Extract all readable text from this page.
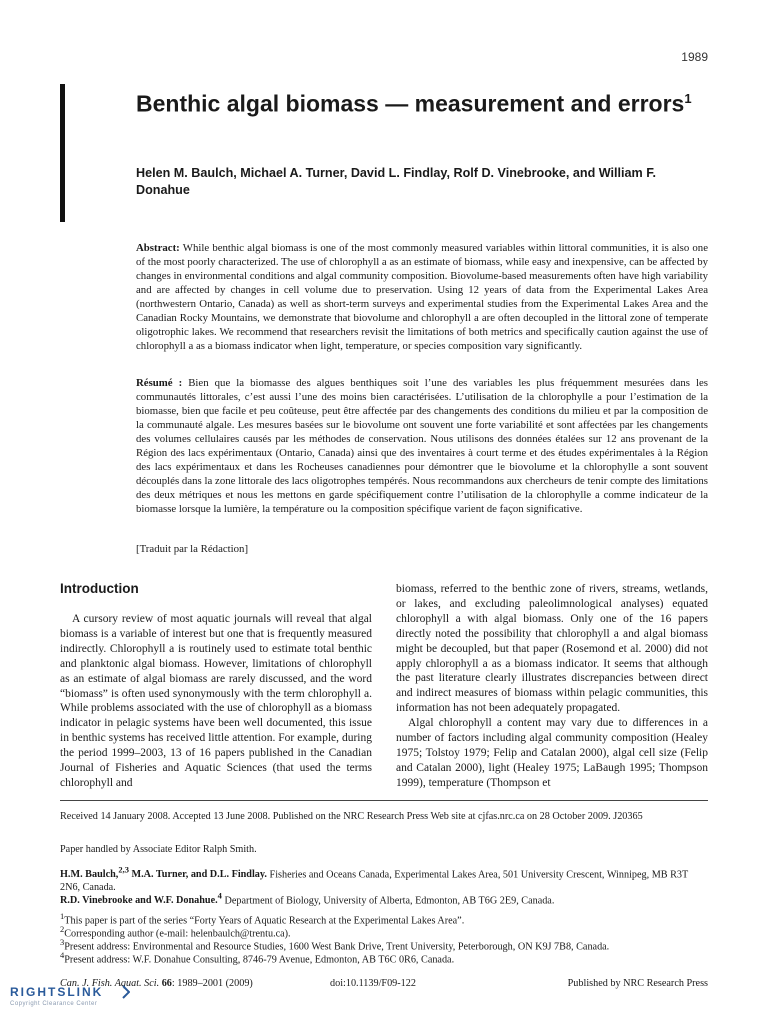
1989
Benthic algal biomass — measurement and errors$^1$

Helen M. Baulch, Michael A. Turner, David L. Findlay, Rolf D. Vinebrooke, and William F. Donahue

Abstract: While benthic algal biomass is one of the most commonly measured variables within littoral communities, it is also one of the most poorly characterized. The use of chlorophyll a as an estimate of biomass, while easy and inexpensive, can be affected by changes in environmental conditions and algal community composition. Biovolume-based measurements often have high variability and are affected by changes in cell volume due to preservation. Using 12 years of data from the Experimental Lakes Area (northwestern Ontario, Canada) as well as short-term surveys and experimental studies from the Experimental Lakes Area and the Canadian Rocky Mountains, we demonstrate that biovolume and chlorophyll a are often decoupled in the littoral zone of temperate oligotrophic lakes. We recommend that researchers revisit the limitations of both metrics and specifically caution against the use of chlorophyll a as a biomass indicator when light, temperature, or species composition vary significantly.

Résumé : Bien que la biomasse des algues benthiques soit l’une des variables les plus fréquemment mesurées dans les communautés littorales, c’est aussi l’une des moins bien caractérisées. L’utilisation de la chlorophylle a pour l’estimation de la biomasse, bien que facile et peu coûteuse, peut être affectée par des changements des conditions du milieu et par la composition de la communauté algale. Les mesures basées sur le biovolume ont souvent une forte variabilité et sont affectées par les changements des volumes cellulaires causés par les méthodes de conservation. Nous utilisons des données étalées sur 12 ans provenant de la Région des lacs expérimentaux (Ontario, Canada) ainsi que des inventaires à court terme et des études expérimentales à la Région des lacs expérimentaux et dans les Rocheuses canadiennes pour démontrer que le biovolume et la chlorophylle a sont souvent découplés dans la zone littorale des lacs oligotrophes tempérés. Nous recommandons aux chercheurs de tenir compte des limitations des deux métriques et nous les mettons en garde spécifiquement contre l’utilisation de la chlorophylle a comme indicateur de la biomasse lorsque la lumière, la température ou la composition spécifique varient de façon significative.

[Traduit par la Rédaction]

Introduction

A cursory review of most aquatic journals will reveal that algal biomass is a variable of interest but one that is frequently measured indirectly. Chlorophyll a is routinely used to estimate total benthic and planktonic algal biomass. However, limitations of chlorophyll as an estimate of algal biomass are rarely discussed, and the word “biomass” is often used synonymously with the term chlorophyll a. While problems associated with the use of chlorophyll as a biomass indicator in pelagic systems have been well documented, this issue in benthic systems has received little attention. For example, during the period 1999–2003, 13 of 16 papers published in the Canadian Journal of Fisheries and Aquatic Sciences (that used the terms chlorophyll and

biomass, referred to the benthic zone of rivers, streams, wetlands, or lakes, and excluding paleolimnological analyses) equated chlorophyll a with algal biomass. Only one of the 16 papers directly noted the possibility that chlorophyll a and algal biomass might be decoupled, but that paper (Rosemond et al. 2000) did not apply chlorophyll a as a biomass indicator. It seems that although the past literature clearly illustrates discrepancies between direct and indirect measures of biomass within pelagic communities, this information has not been adequately propagated.

Algal chlorophyll a content may vary due to differences in a number of factors including algal community composition (Healey 1975; Tolstoy 1979; Felip and Catalan 2000), algal cell size (Felip and Catalan 2000), light (Healey 1975; LaBaugh 1995; Thompson 1999), temperature (Thompson et

Received 14 January 2008. Accepted 13 June 2008. Published on the NRC Research Press Web site at cjfas.nrc.ca on 28 October 2009. J20365

Paper handled by Associate Editor Ralph Smith.

H.M. Baulch,$^{2,3}$ M.A. Turner, and D.L. Findlay. Fisheries and Oceans Canada, Experimental Lakes Area, 501 University Crescent, Winnipeg, MB R3T 2N6, Canada.

R.D. Vinebrooke and W.F. Donahue.$^4$ Department of Biology, University of Alberta, Edmonton, AB T6G 2E9, Canada.

$^1$This paper is part of the series “Forty Years of Aquatic Research at the Experimental Lakes Area”.

$^2$Corresponding author (e-mail: helenbaulch@trentu.ca).

$^3$Present address: Environmental and Resource Studies, 1600 West Bank Drive, Trent University, Peterborough, ON K9J 7B8, Canada.

$^4$Present address: W.F. Donahue Consulting, 8746-79 Avenue, Edmonton, AB T6C 0R6, Canada.

Can. J. Fish. Aquat. Sci. 66: 1989–2001 (2009)	doi:10.1139/F09-122	Published by NRC Research Press
RIGHTSLINK
Copyright Clearance Center
